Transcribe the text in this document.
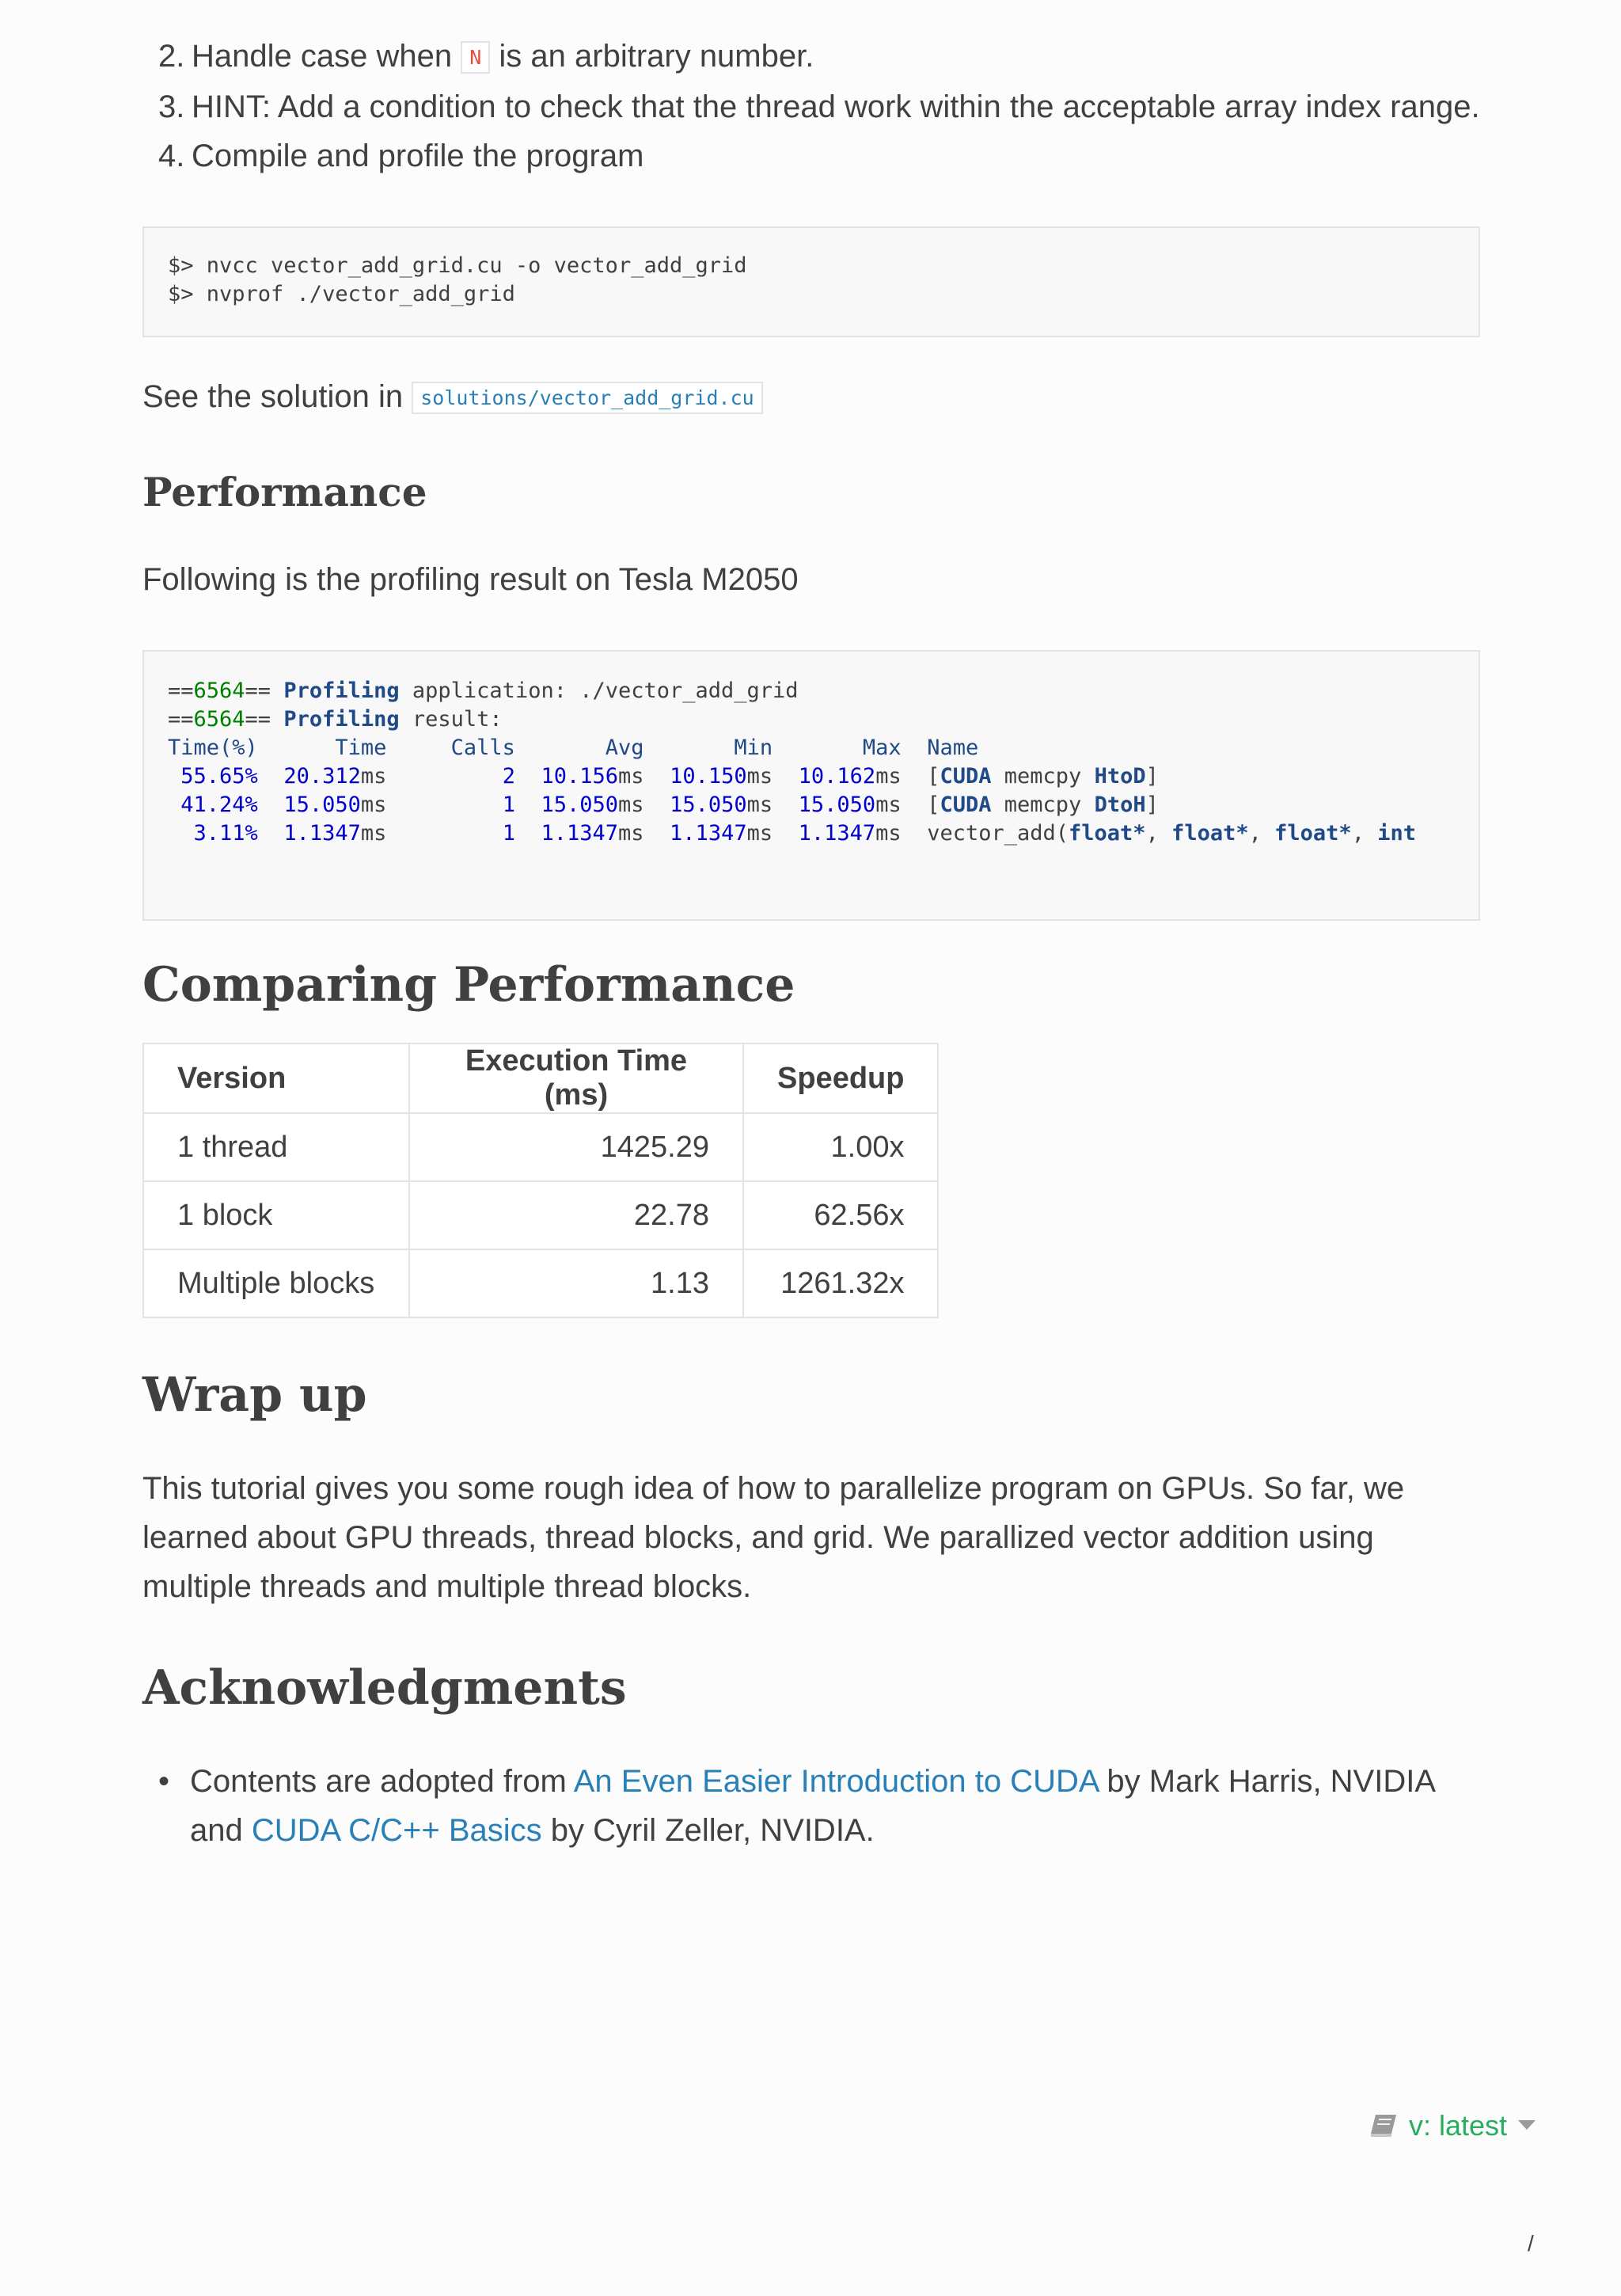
2. Handle case when N is an arbitrary number.
3. HINT: Add a condition to check that the thread work within the acceptable array index range.
4. Compile and profile the program
$> nvcc vector_add_grid.cu -o vector_add_grid
$> nvprof ./vector_add_grid

See the solution in solutions/vector_add_grid.cu

Performance

Following is the profiling result on Tesla M2050

==6564== Profiling application: ./vector_add_grid
==6564== Profiling result:
Time(%)	Time	Calls	Avg	Min	Max Name
55.65% 20.312ms	2 10.156ms 10.150ms 10.162ms [CUDA memcpy HtoD]
41.24% 15.050ms	1 15.050ms 15.050ms 15.050ms [CUDA memcpy DtoH]
3.11% 1.1347ms	1 1.1347ms 1.1347ms 1.1347ms vector_add(float*, float*, float*, int
Comparing Performance
Version	Execution Time (ms)	Speedup
1 thread	1425.29	1.00x
1 block	22.78	62.56x
Multiple blocks	1.13	1261.32x
Wrap up

This tutorial gives you some rough idea of how to parallelize program on GPUs. So far, we
learned about GPU threads, thread blocks, and grid. We parallized vector addition using
multiple threads and multiple thread blocks.

Acknowledgments
• Contents are adopted from An Even Easier Introduction to CUDA by Mark Harris, NVIDIA
and CUDA C/C++ Basics by Cyril Zeller, NVIDIA.
v: latest
/
